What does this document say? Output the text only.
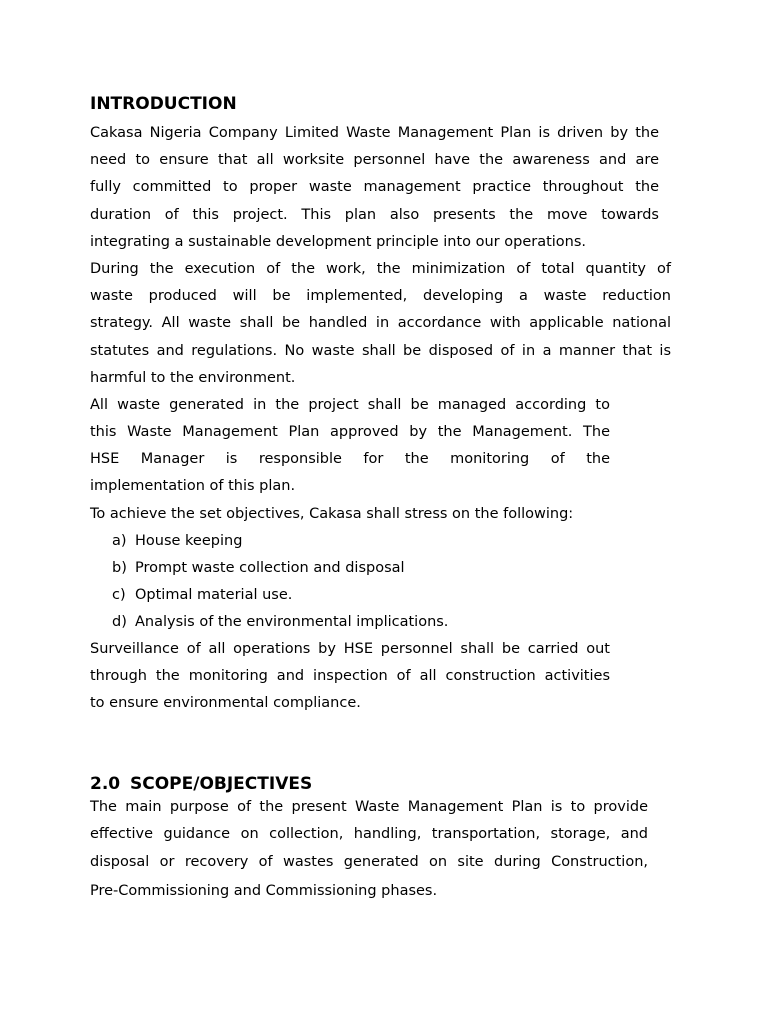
INTRODUCTION

Cakasa Nigeria Company Limited Waste Management Plan is driven by the

need to ensure that all worksite personnel have the awareness and are

fully committed to proper waste management practice throughout the

duration of this project. This plan also presents the move towards

integrating a sustainable development principle into our operations.

During the execution of the work, the minimization of total quantity of

waste produced will be implemented, developing a waste reduction

strategy. All waste shall be handled in accordance with applicable national

statutes and regulations. No waste shall be disposed of in a manner that is

harmful to the environment.

All waste generated in the project shall be managed according to

this Waste Management Plan approved by the Management. The

HSE Manager is responsible for the monitoring of the

implementation of this plan.

To achieve the set objectives, Cakasa shall stress on the following:

a) House keeping
b) Prompt waste collection and disposal
c) Optimal material use.
d) Analysis of the environmental implications.

Surveillance of all operations by HSE personnel shall be carried out

through the monitoring and inspection of all construction activities

to ensure environmental compliance.

2.0 SCOPE/OBJECTIVES

The main purpose of the present Waste Management Plan is to provide

effective guidance on collection, handling, transportation, storage, and

disposal or recovery of wastes generated on site during Construction,

Pre-Commissioning and Commissioning phases.
